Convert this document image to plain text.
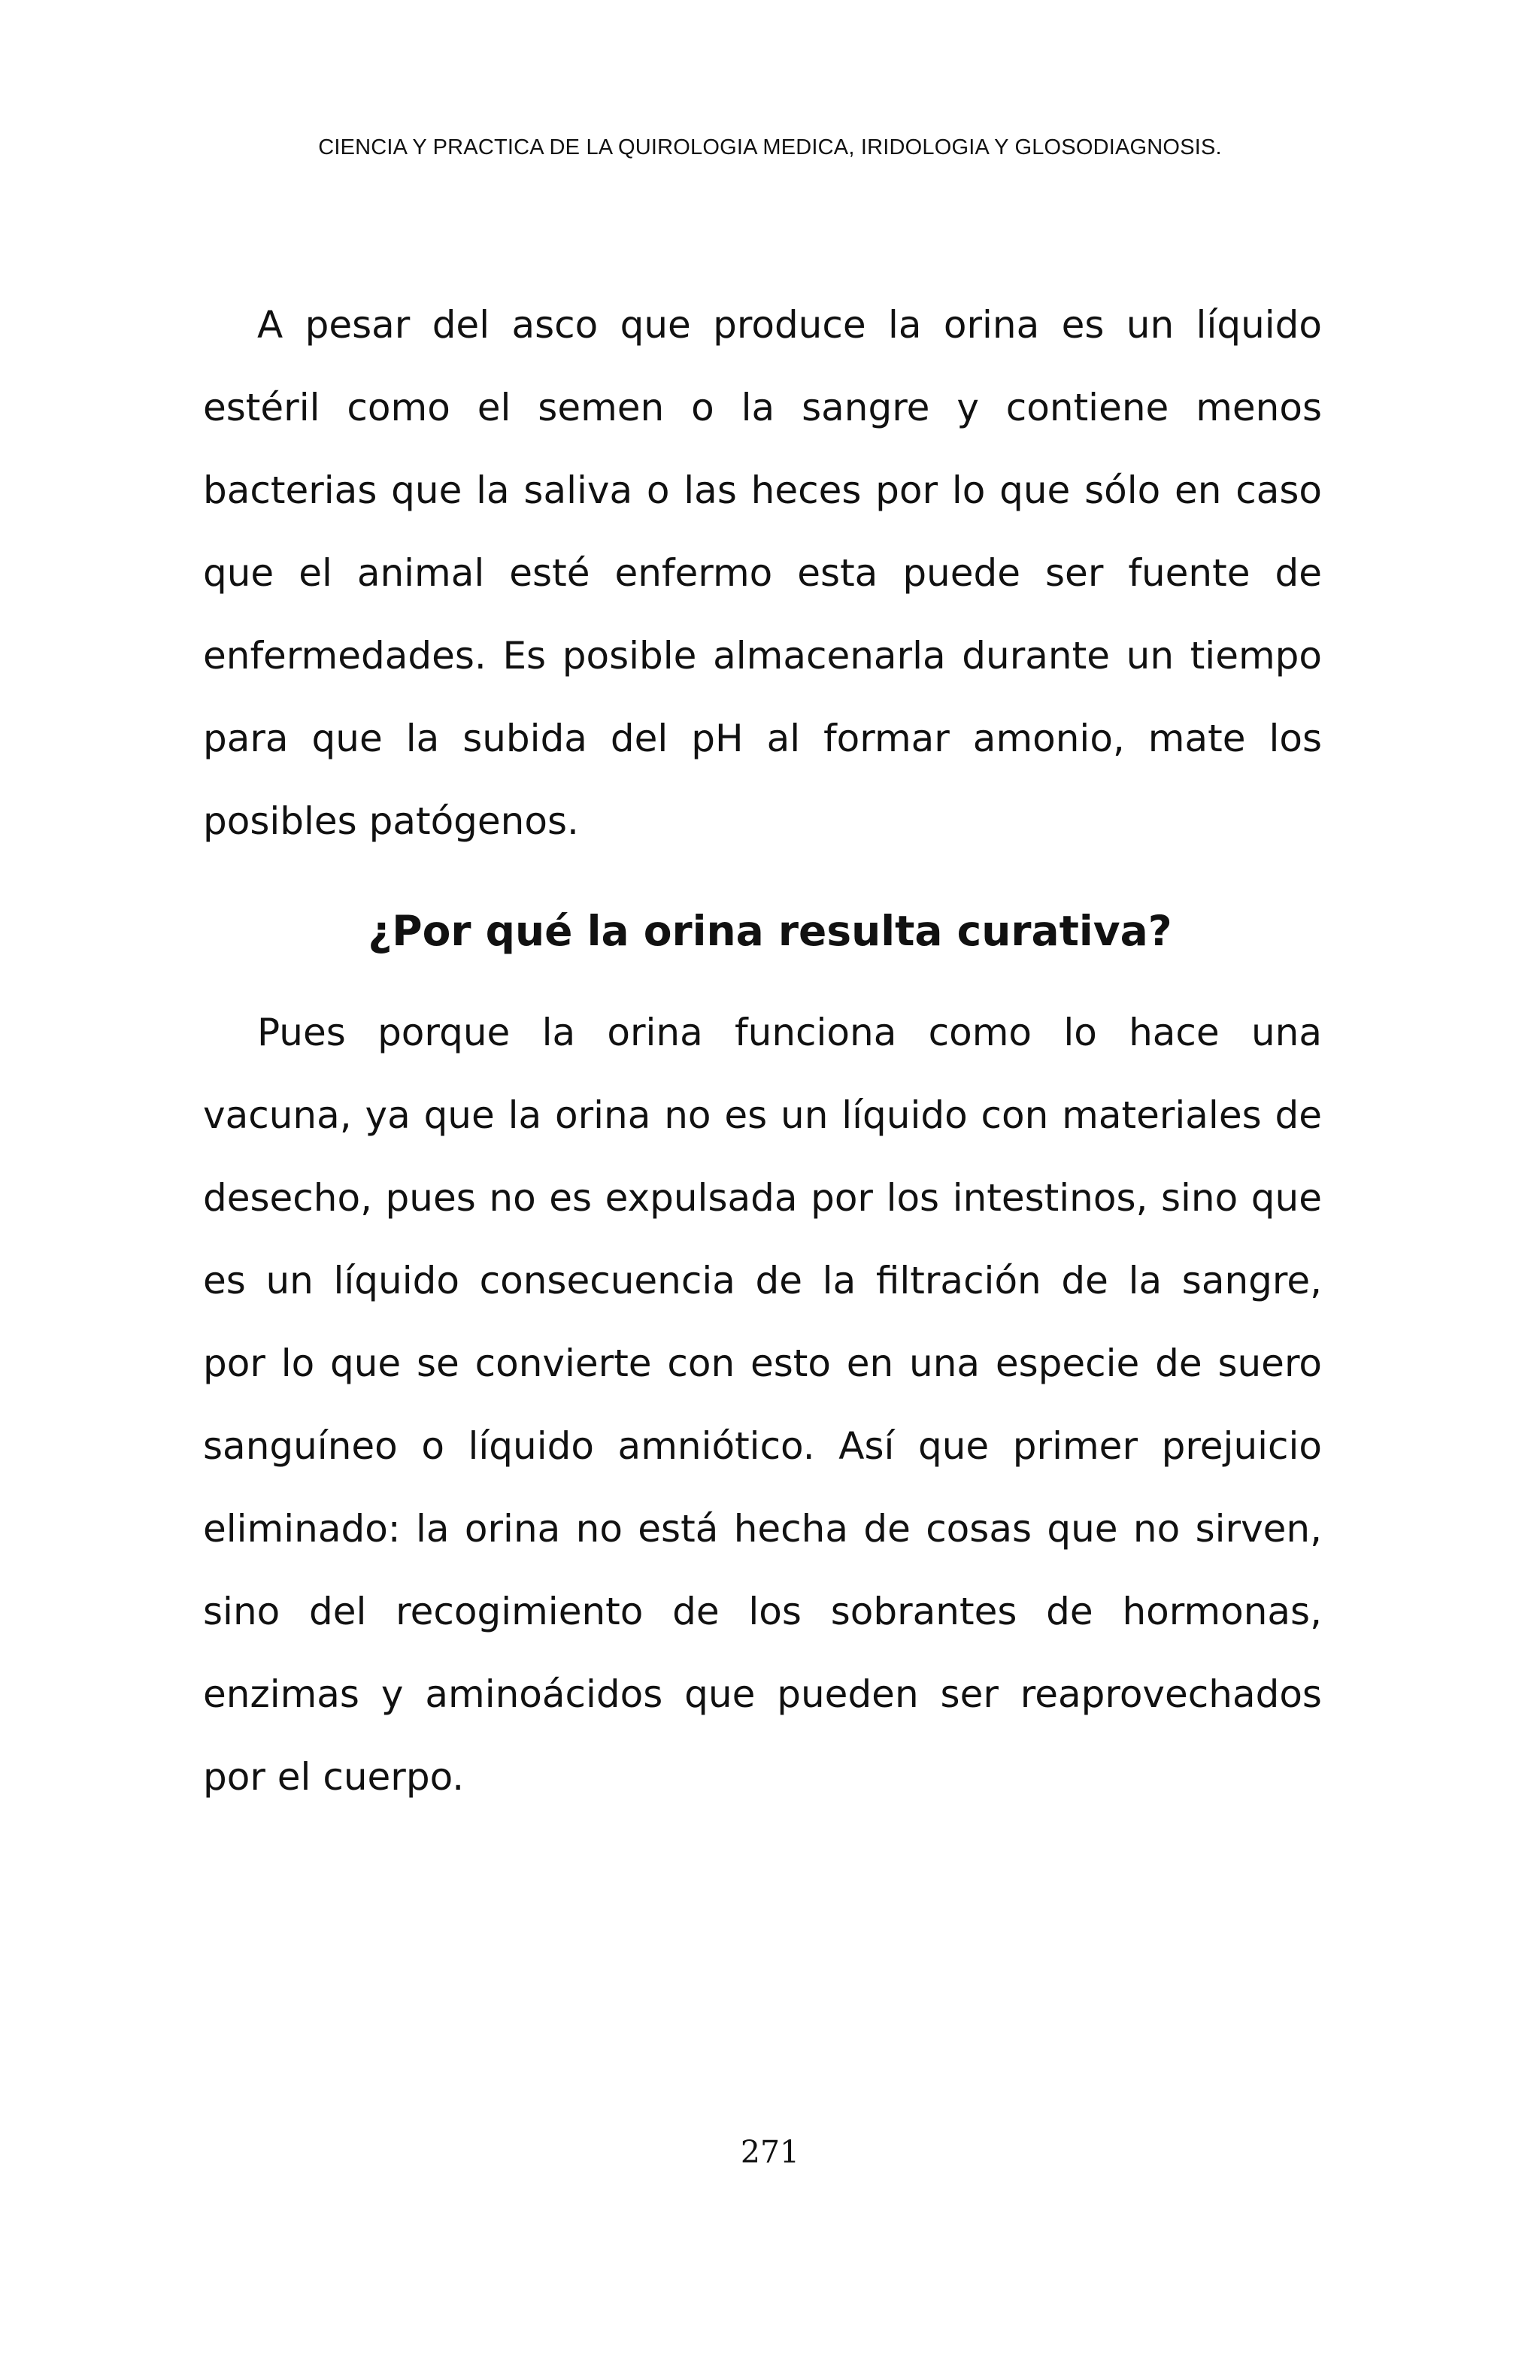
CIENCIA Y PRACTICA DE LA QUIROLOGIA MEDICA, IRIDOLOGIA Y GLOSODIAGNOSIS.

A pesar del asco que produce la orina es un líquido estéril como el semen o la sangre y contiene menos bacterias que la saliva o las heces por lo que sólo en caso que el animal esté enfermo esta puede ser fuente de enfermedades. Es posible almacenarla durante un tiempo para que la subida del pH al formar amonio, mate los posibles patógenos.

¿Por qué la orina resulta curativa?

Pues porque la orina funciona como lo hace una vacuna, ya que la orina no es un líquido con materiales de desecho, pues no es expulsada por los intestinos, sino que es un líquido consecuencia de la filtración de la sangre, por lo que se convierte con esto en una especie de suero sanguíneo o líquido amniótico. Así que primer prejuicio eliminado: la orina no está hecha de cosas que no sirven, sino del recogimiento de los sobrantes de hormonas, enzimas y aminoácidos que pueden ser reaprovechados por el cuerpo.

271
